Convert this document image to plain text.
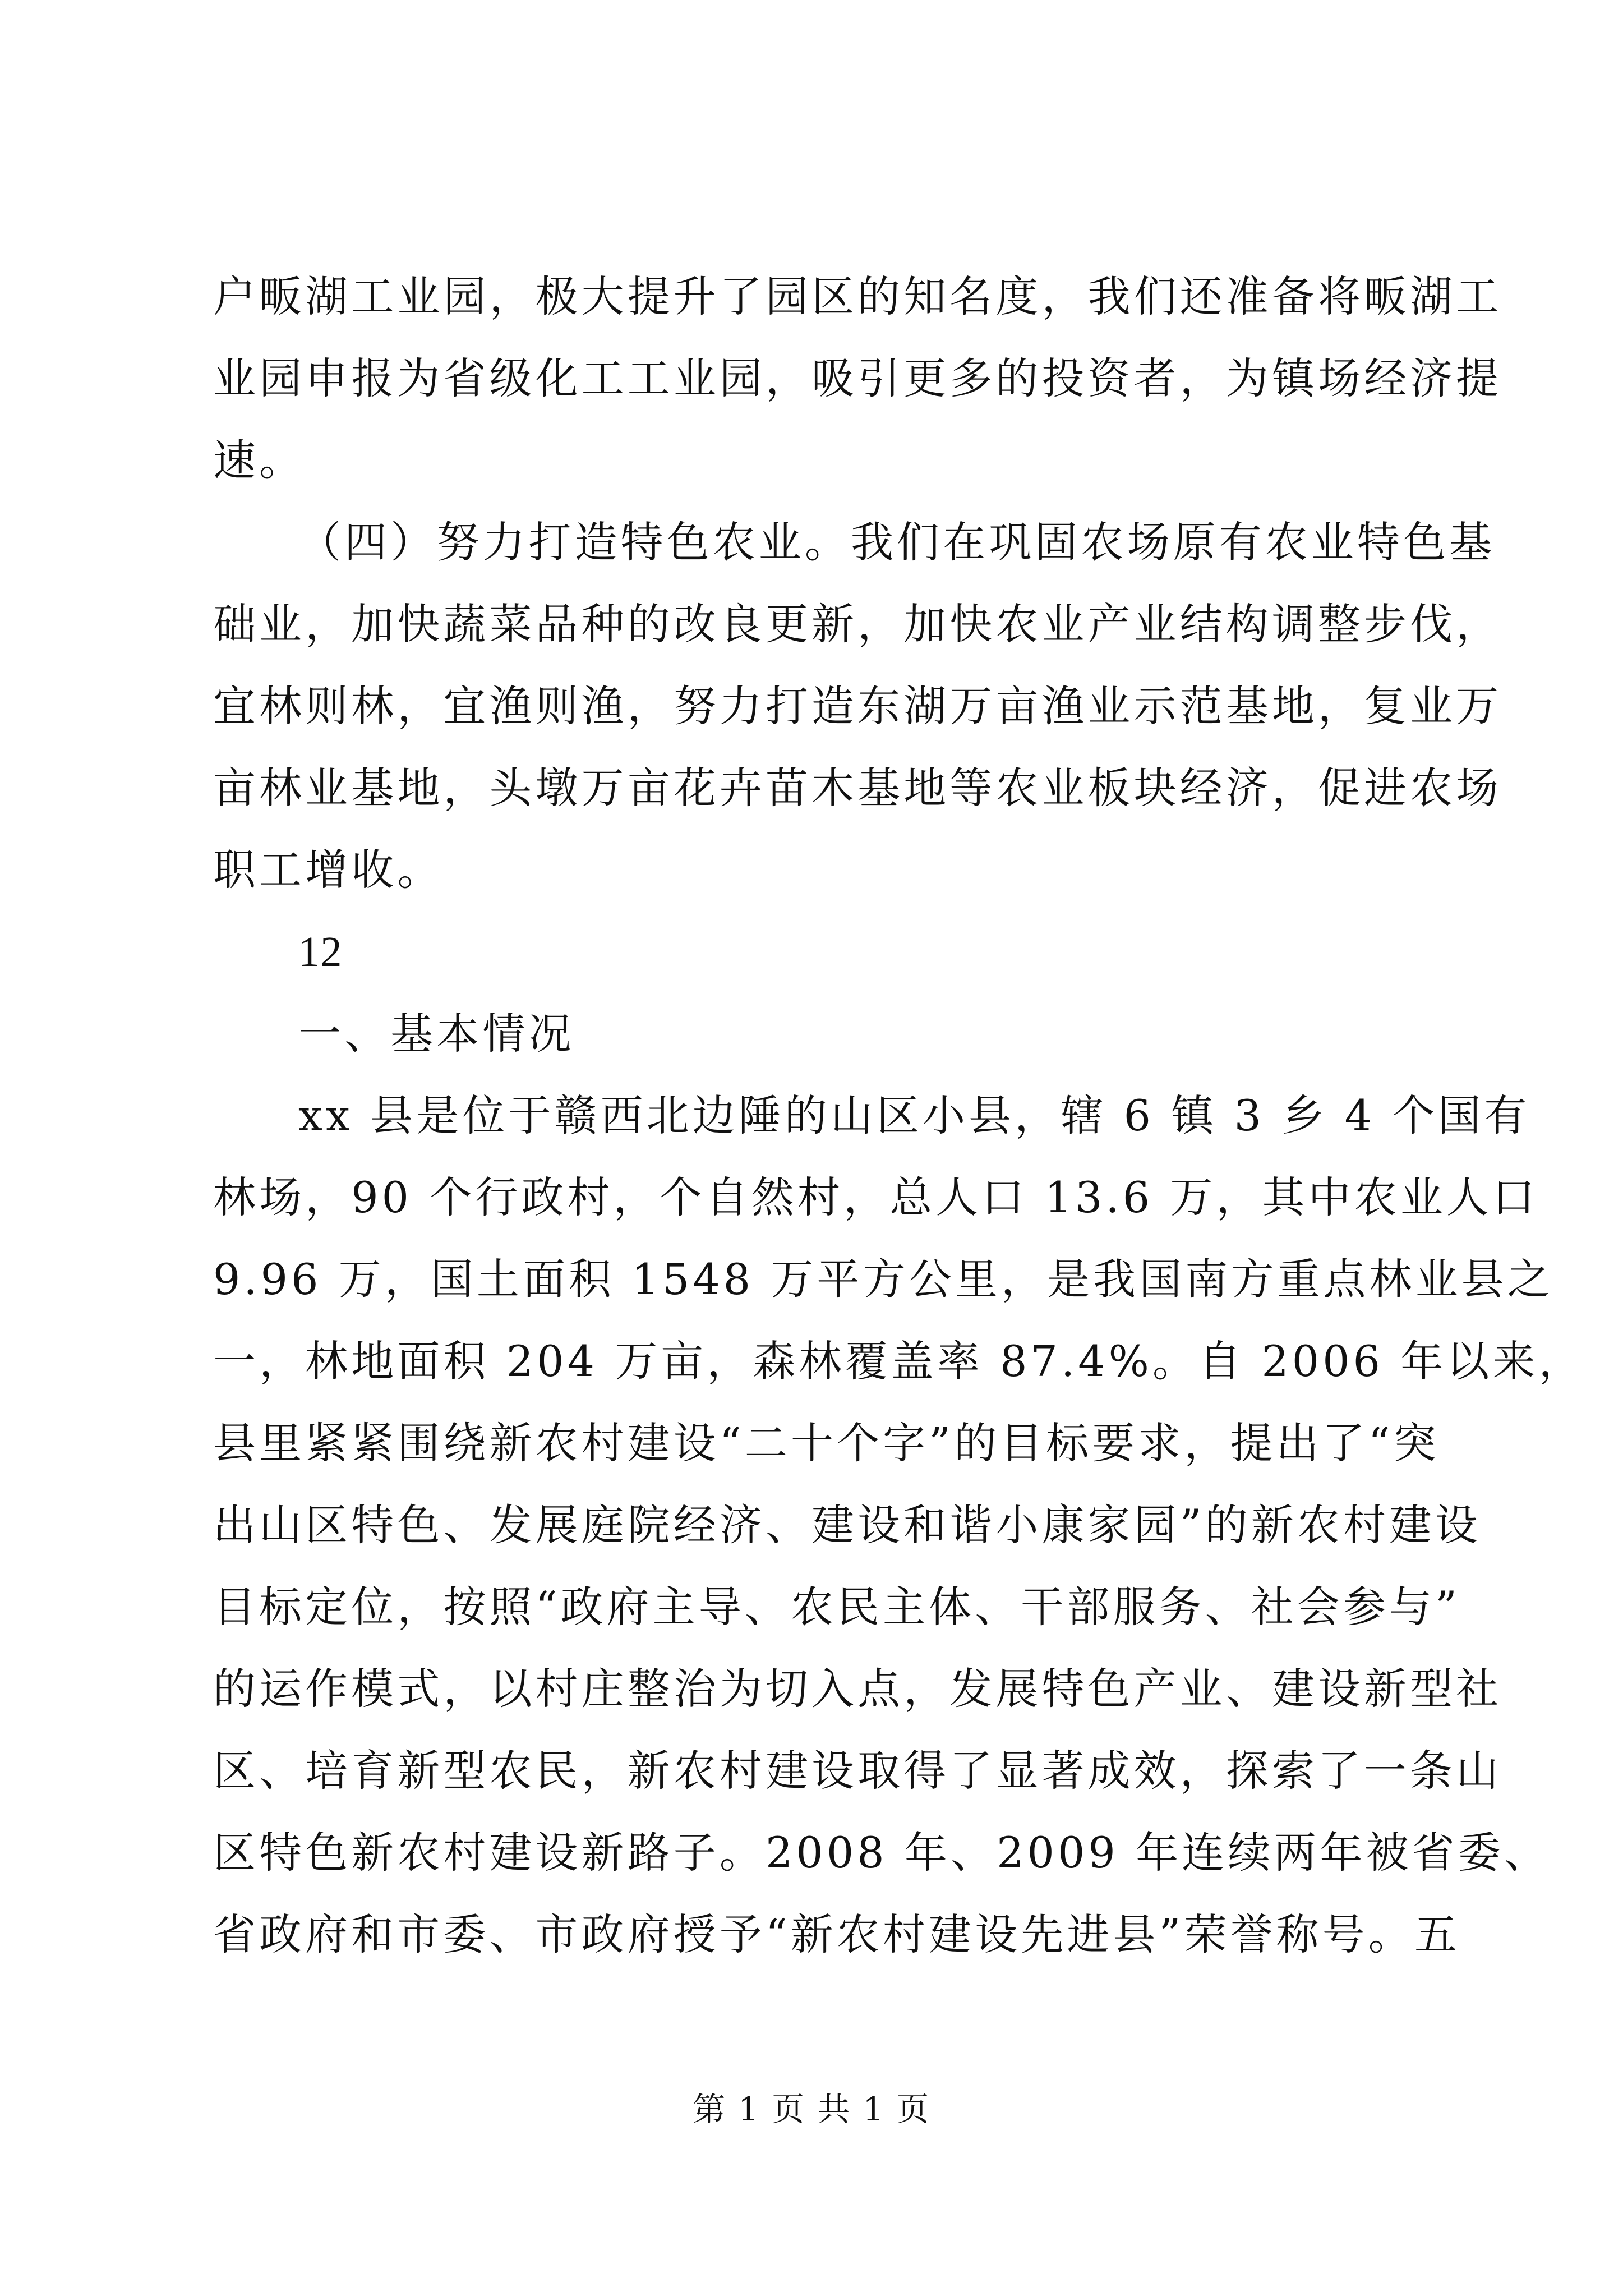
户畈湖工业园，极大提升了园区的知名度，我们还准备将畈湖工
业园申报为省级化工工业园，吸引更多的投资者，为镇场经济提
速。
（四）努力打造特色农业。我们在巩固农场原有农业特色基
础业，加快蔬菜品种的改良更新，加快农业产业结构调整步伐，
宜林则林，宜渔则渔，努力打造东湖万亩渔业示范基地，复业万
亩林业基地，头墩万亩花卉苗木基地等农业板块经济，促进农场
职工增收。
12
一、基本情况
xx 县是位于赣西北边陲的山区小县，辖 6 镇 3 乡 4 个国有
林场，90 个行政村，个自然村，总人口 13.6 万，其中农业人口
9.96 万，国土面积 1548 万平方公里，是我国南方重点林业县之
一，林地面积 204 万亩，森林覆盖率 87.4%。自 2006 年以来，
县里紧紧围绕新农村建设“二十个字”的目标要求，提出了“突
出山区特色、发展庭院经济、建设和谐小康家园”的新农村建设
目标定位，按照“政府主导、农民主体、干部服务、社会参与”
的运作模式，以村庄整治为切入点，发展特色产业、建设新型社
区、培育新型农民，新农村建设取得了显著成效，探索了一条山
区特色新农村建设新路子。2008 年、2009 年连续两年被省委、
省政府和市委、市政府授予“新农村建设先进县”荣誉称号。五
第 1 页 共 1 页
